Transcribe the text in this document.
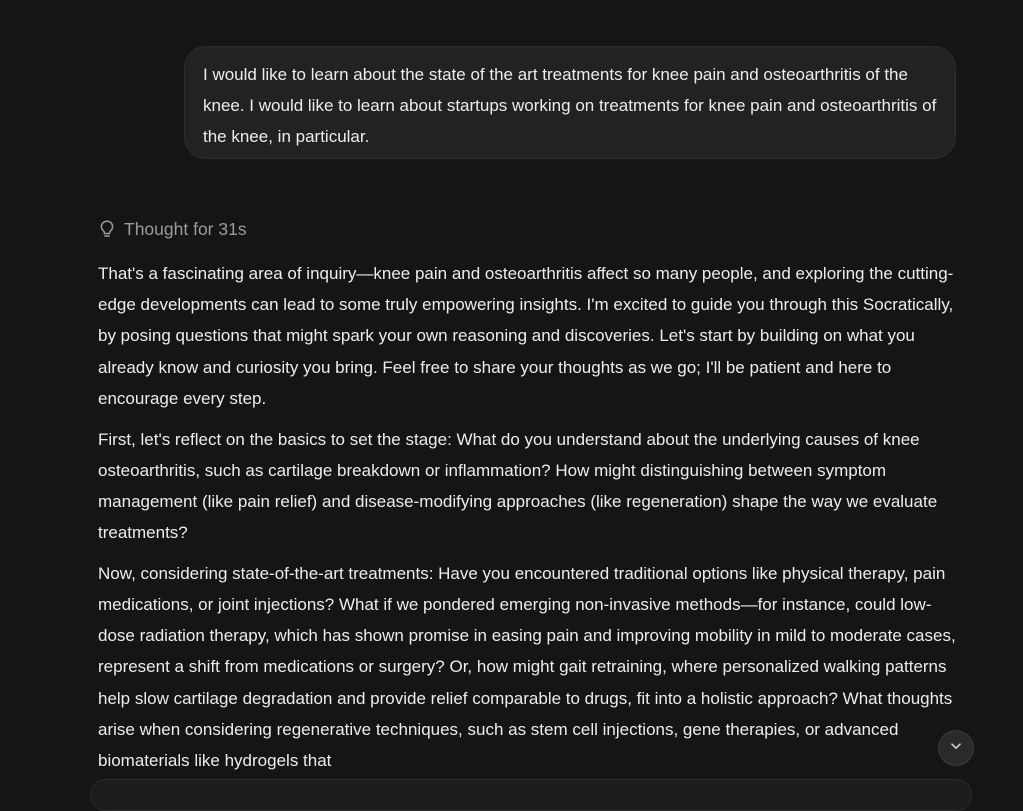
I would like to learn about the state of the art treatments for knee pain and osteoarthritis of the knee. I would like to learn about startups working on treatments for knee pain and osteoarthritis of the knee, in particular.
Thought for 31s

That's a fascinating area of inquiry—knee pain and osteoarthritis affect so many people, and exploring the cutting-edge developments can lead to some truly empowering insights. I'm excited to guide you through this Socratically, by posing questions that might spark your own reasoning and discoveries. Let's start by building on what you already know and curiosity you bring. Feel free to share your thoughts as we go; I'll be patient and here to encourage every step.

First, let's reflect on the basics to set the stage: What do you understand about the underlying causes of knee osteoarthritis, such as cartilage breakdown or inflammation? How might distinguishing between symptom management (like pain relief) and disease-modifying approaches (like regeneration) shape the way we evaluate treatments?

Now, considering state-of-the-art treatments: Have you encountered traditional options like physical therapy, pain medications, or joint injections? What if we pondered emerging non-invasive methods—for instance, could low-dose radiation therapy, which has shown promise in easing pain and improving mobility in mild to moderate cases, represent a shift from medications or surgery? Or, how might gait retraining, where personalized walking patterns help slow cartilage degradation and provide relief comparable to drugs, fit into a holistic approach? What thoughts arise when considering regenerative techniques, such as stem cell injections, gene therapies, or advanced biomaterials like hydrogels that
